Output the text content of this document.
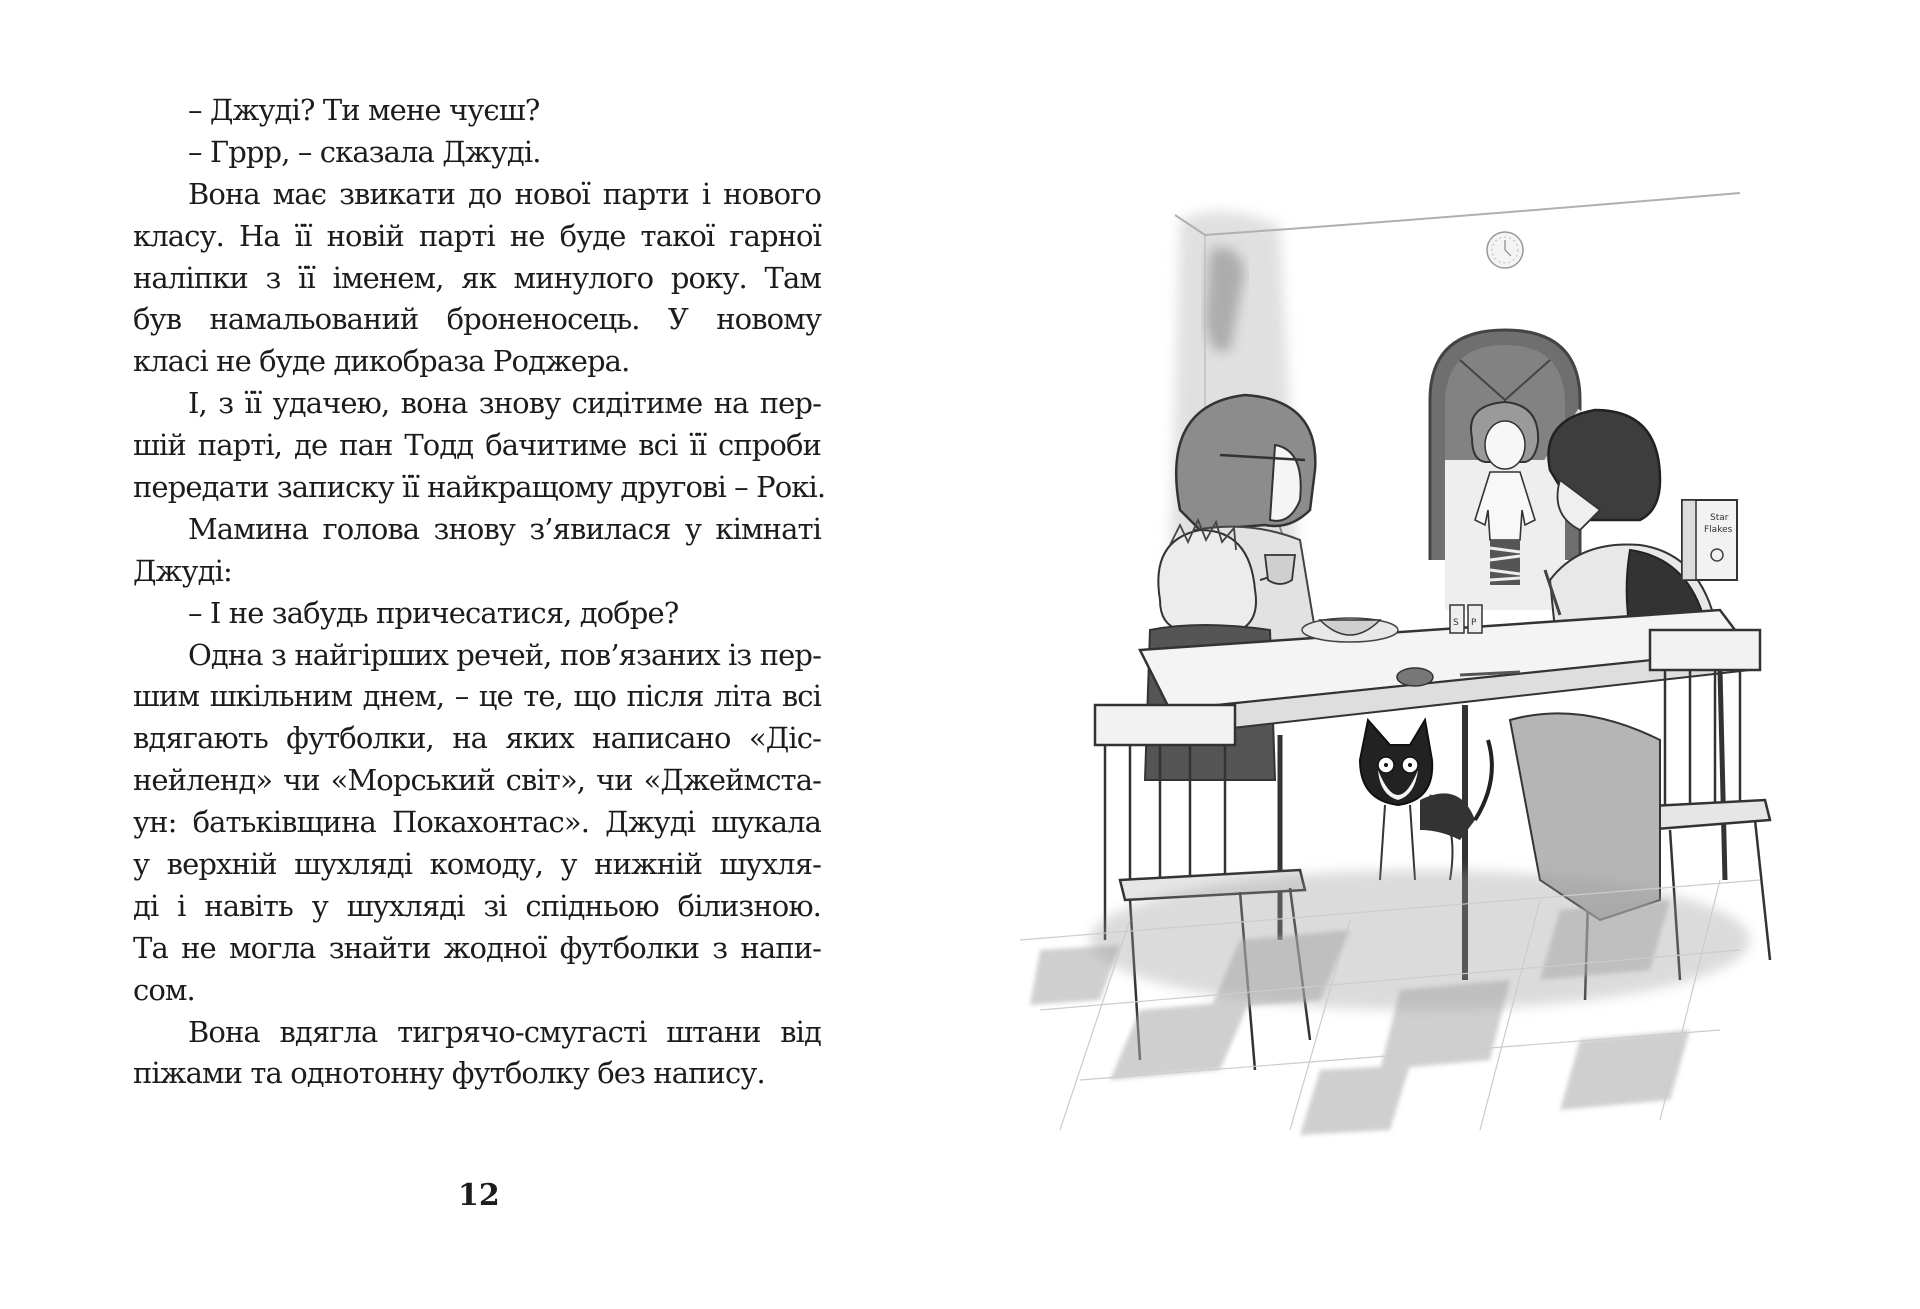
– Джуді? Ти мене чуєш?
– Гррр, – сказала Джуді.
Вона має звикати до нової парти і нового
класу. На її новій парті не буде такої гарної
наліпки з її іменем, як минулого року. Там
був намальований броненосець. У новому
класі не буде дикобраза Роджера.
І, з її удачею, вона знову сидітиме на пер-
шій парті, де пан Тодд бачитиме всі її спроби
передати записку її найкращому другові – Рокі.
Мамина голова знову з’явилася у кімнаті
Джуді:
– І не забудь причесатися, добре?
Одна з найгірших речей, пов’язаних із пер-
шим шкільним днем, – це те, що після літа всі
вдягають футболки, на яких написано «Діс-
нейленд» чи «Морський світ», чи «Джеймста-
ун: батьківщина Покахонтас». Джуді шукала
у верхній шухляді комоду, у нижній шухля-
ді і навіть у шухляді зі спідньою білизною.
Та не могла знайти жодної футболки з напи-
сом.
Вона вдягла тигрячо-смугасті штани від
піжами та однотонну футболку без напису.
12
Star
Flakes
S P
